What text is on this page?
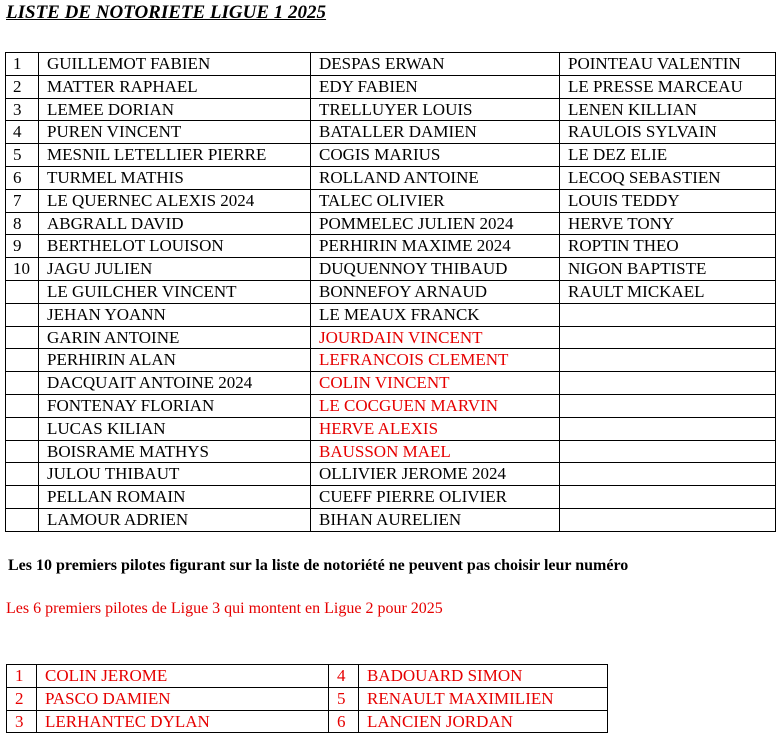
LISTE DE NOTORIETE LIGUE 1 2025
1	GUILLEMOT FABIEN	DESPAS ERWAN	POINTEAU VALENTIN
2	MATTER RAPHAEL	EDY FABIEN	LE PRESSE MARCEAU
3	LEMEE DORIAN	TRELLUYER LOUIS	LENEN KILLIAN
4	PUREN VINCENT	BATALLER DAMIEN	RAULOIS SYLVAIN
5	MESNIL LETELLIER PIERRE	COGIS MARIUS	LE DEZ ELIE
6	TURMEL MATHIS	ROLLAND ANTOINE	LECOQ SEBASTIEN
7	LE QUERNEC ALEXIS 2024	TALEC OLIVIER	LOUIS TEDDY
8	ABGRALL DAVID	POMMELEC JULIEN 2024	HERVE TONY
9	BERTHELOT LOUISON	PERHIRIN MAXIME 2024	ROPTIN THEO
10	JAGU JULIEN	DUQUENNOY THIBAUD	NIGON BAPTISTE
	LE GUILCHER VINCENT	BONNEFOY ARNAUD	RAULT MICKAEL
	JEHAN YOANN	LE MEAUX FRANCK	
	GARIN ANTOINE	JOURDAIN VINCENT	
	PERHIRIN ALAN	LEFRANCOIS CLEMENT	
	DACQUAIT ANTOINE 2024	COLIN VINCENT	
	FONTENAY FLORIAN	LE COCGUEN MARVIN	
	LUCAS KILIAN	HERVE ALEXIS	
	BOISRAME MATHYS	BAUSSON MAEL	
	JULOU THIBAUT	OLLIVIER JEROME 2024	
	PELLAN ROMAIN	CUEFF PIERRE OLIVIER	
	LAMOUR ADRIEN	BIHAN AURELIEN	
Les 10 premiers pilotes figurant sur la liste de notoriété ne peuvent pas choisir leur numéro
Les 6 premiers pilotes de Ligue 3 qui montent en Ligue 2 pour 2025
1	COLIN JEROME	4	BADOUARD SIMON
2	PASCO DAMIEN	5	RENAULT MAXIMILIEN
3	LERHANTEC DYLAN	6	LANCIEN JORDAN
